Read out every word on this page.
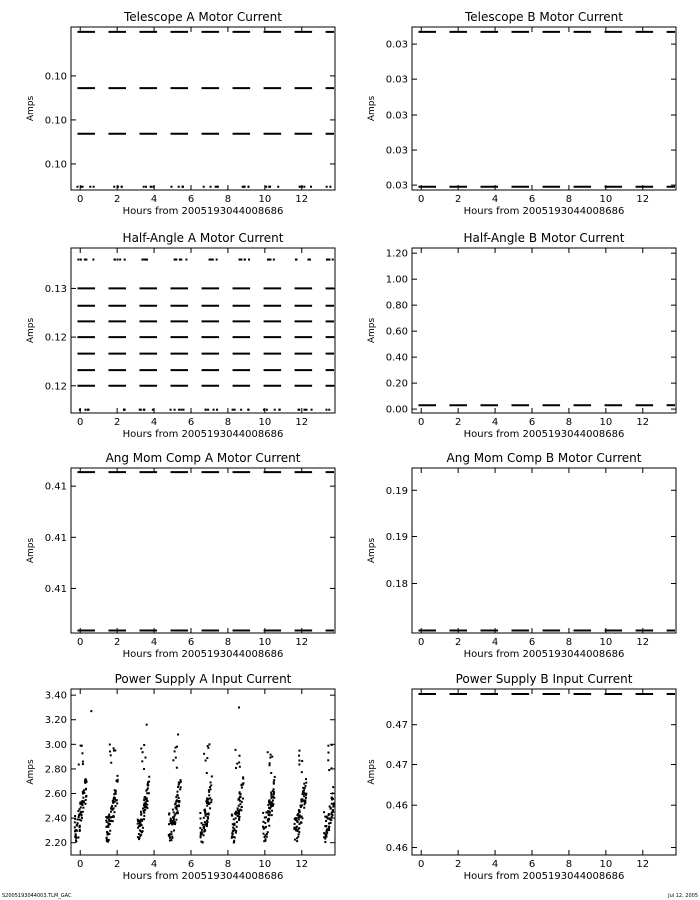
Telescope A Motor Current
0	2	4	6	8	10 12
0.10
0.10
0.10
Hours from 2005193044008686
Amps
Telescope B Motor Current
0	2	4	6	8	10 12
0.03
0.03
0.03
0.03
0.03
Hours from 2005193044008686
Amps
Half-Angle A Motor Current
0	2	4	6	8	10 12
0.13
0.12
0.12
Hours from 2005193044008686
Amps
Half-Angle B Motor Current
0	2	4	6	8	10 12
0.00
0.20
0.40
0.60
0.80
1.00
1.20
Hours from 2005193044008686
Amps
Ang Mom Comp A Motor Current
0	2	4	6	8	10 12
0.41
0.41
0.41
Hours from 2005193044008686
Amps
Ang Mom Comp B Motor Current
0	2	4	6	8	10 12
0.19
0.19
0.18
Hours from 2005193044008686
Amps
Power Supply A Input Current
0	2	4	6	8	10 12
2.20
2.40
2.60
2.80
3.00
3.20
3.40
Hours from 2005193044008686
Amps
Power Supply B Input Current
0	2	4	6	8	10 12
0.47
0.47
0.46
0.46
Hours from 2005193044008686
Amps
S2005193044003.TLM_GAC	Jul 12, 2005
